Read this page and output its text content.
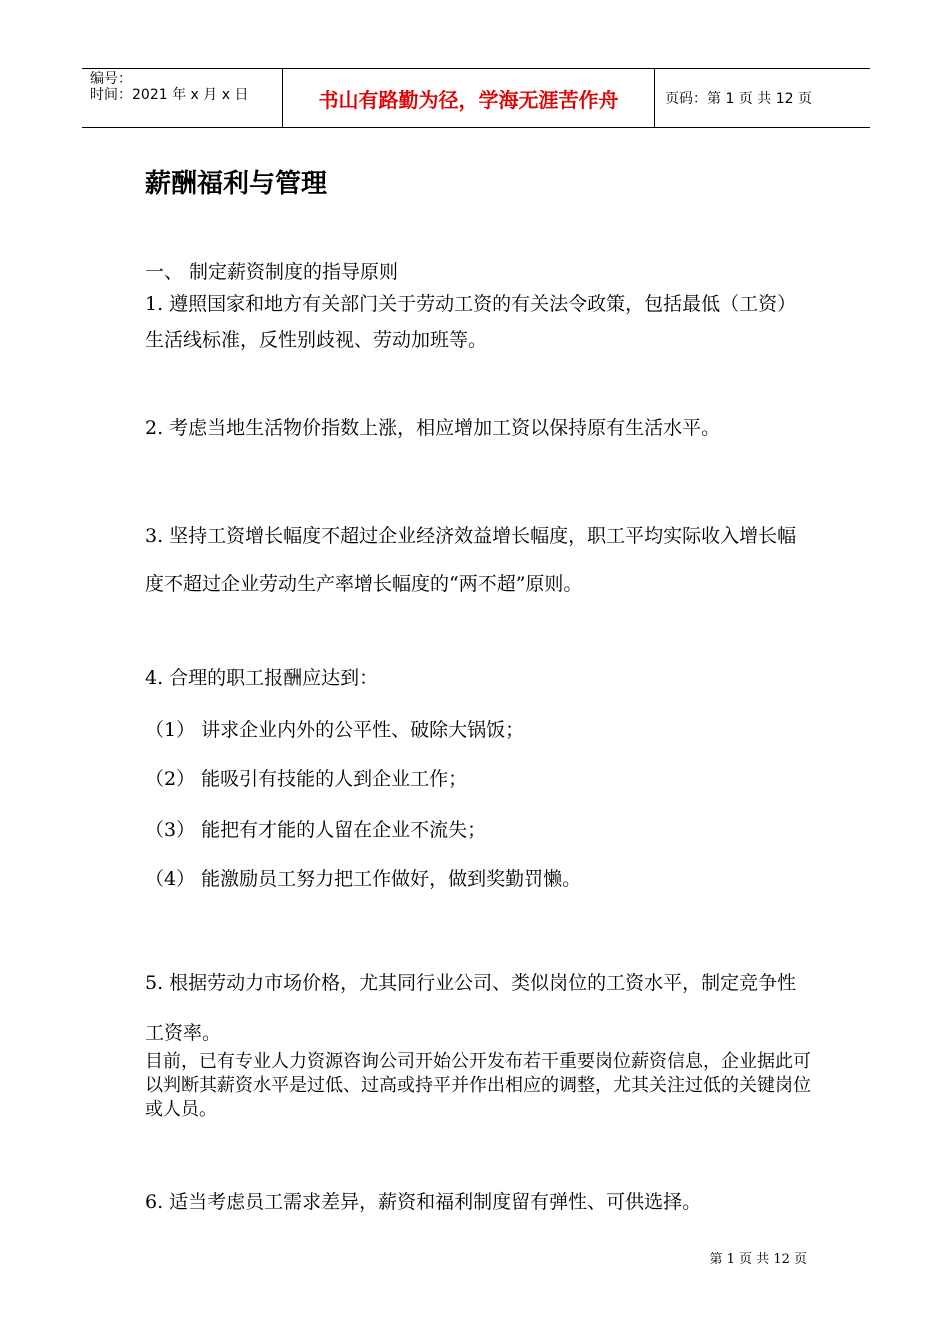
编号：
时间：2021 年 x 月 x 日	书山有路勤为径，学海无涯苦作舟	页码：第 1 页 共 12 页
薪酬福利与管理
一、 制定薪资制度的指导原则
1. 遵照国家和地方有关部门关于劳动工资的有关法令政策，包括最低（工资）生活线标准，反性别歧视、劳动加班等。
2. 考虑当地生活物价指数上涨，相应增加工资以保持原有生活水平。
3. 坚持工资增长幅度不超过企业经济效益增长幅度，职工平均实际收入增长幅度不超过企业劳动生产率增长幅度的“两不超”原则。
4. 合理的职工报酬应达到：
（1） 讲求企业内外的公平性、破除大锅饭；
（2） 能吸引有技能的人到企业工作；
（3） 能把有才能的人留在企业不流失；
（4） 能激励员工努力把工作做好，做到奖勤罚懒。
5. 根据劳动力市场价格，尤其同行业公司、类似岗位的工资水平，制定竞争性工资率。
目前，已有专业人力资源咨询公司开始公开发布若干重要岗位薪资信息，企业据此可以判断其薪资水平是过低、过高或持平并作出相应的调整，尤其关注过低的关键岗位或人员。
6. 适当考虑员工需求差异，薪资和福利制度留有弹性、可供选择。
第 1 页 共 12 页
